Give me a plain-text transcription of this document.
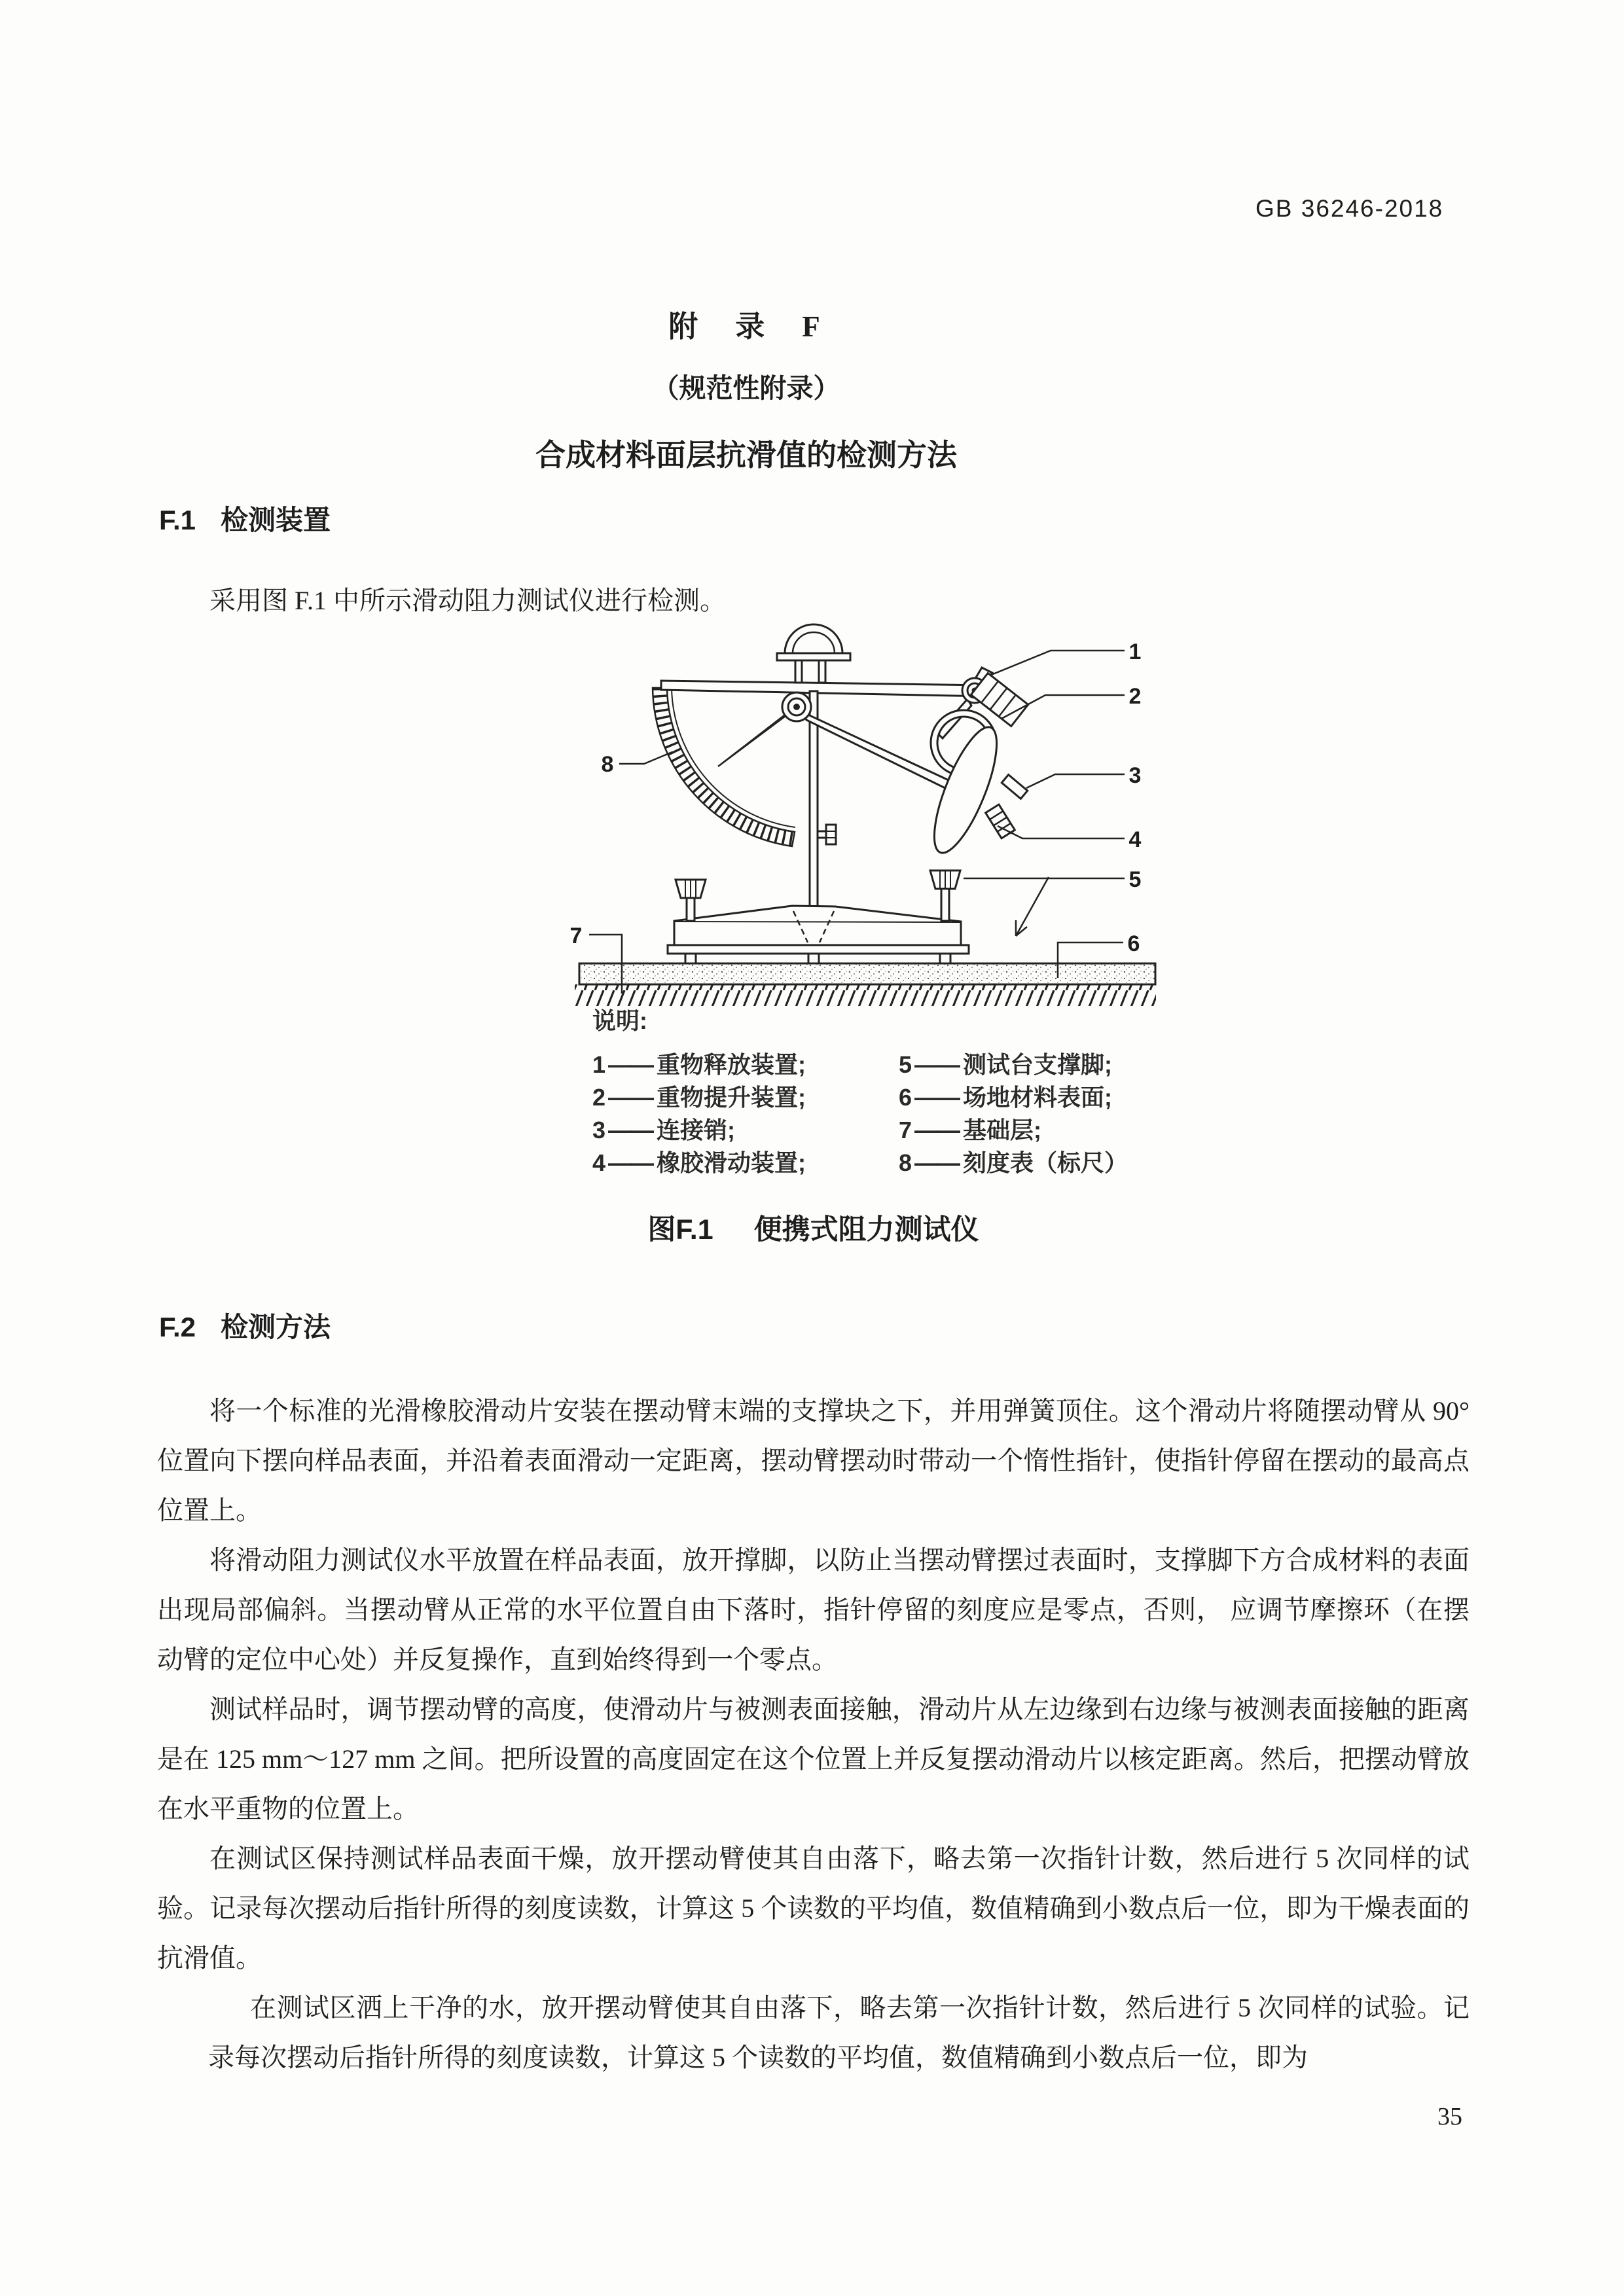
GB 36246-2018
附　录　F
（规范性附录）
合成材料面层抗滑值的检测方法
F.1 检测装置

采用图 F.1 中所示滑动阻力测试仪进行检测。

1
2
3
4
5
6
7
8
说明:
1 —— 重物释放装置;
2 —— 重物提升装置;
3 —— 连接销;
4 —— 橡胶滑动装置;
5 —— 测试台支撑脚;
6 —— 场地材料表面;
7 —— 基础层;
8 —— 刻度表（标尺）
图F.1 便携式阻力测试仪
F.2 检测方法

将一个标准的光滑橡胶滑动片安装在摆动臂末端的支撑块之下，并用弹簧顶住。这个滑动片将随摆动臂从 90°位置向下摆向样品表面，并沿着表面滑动一定距离，摆动臂摆动时带动一个惰性指针，使指针停留在摆动的最高点位置上。

将滑动阻力测试仪水平放置在样品表面，放开撑脚，以防止当摆动臂摆过表面时，支撑脚下方合成材料的表面出现局部偏斜。当摆动臂从正常的水平位置自由下落时，指针停留的刻度应是零点，否则， 应调节摩擦环（在摆动臂的定位中心处）并反复操作，直到始终得到一个零点。

测试样品时，调节摆动臂的高度，使滑动片与被测表面接触，滑动片从左边缘到右边缘与被测表面接触的距离是在 125 mm～127 mm 之间。把所设置的高度固定在这个位置上并反复摆动滑动片以核定距离。然后，把摆动臂放在水平重物的位置上。

在测试区保持测试样品表面干燥，放开摆动臂使其自由落下，略去第一次指针计数，然后进行 5 次同样的试验。记录每次摆动后指针所得的刻度读数，计算这 5 个读数的平均值，数值精确到小数点后一位，即为干燥表面的抗滑值。

在测试区洒上干净的水，放开摆动臂使其自由落下，略去第一次指针计数，然后进行 5 次同样的试验。记录每次摆动后指针所得的刻度读数，计算这 5 个读数的平均值，数值精确到小数点后一位，即为

35
